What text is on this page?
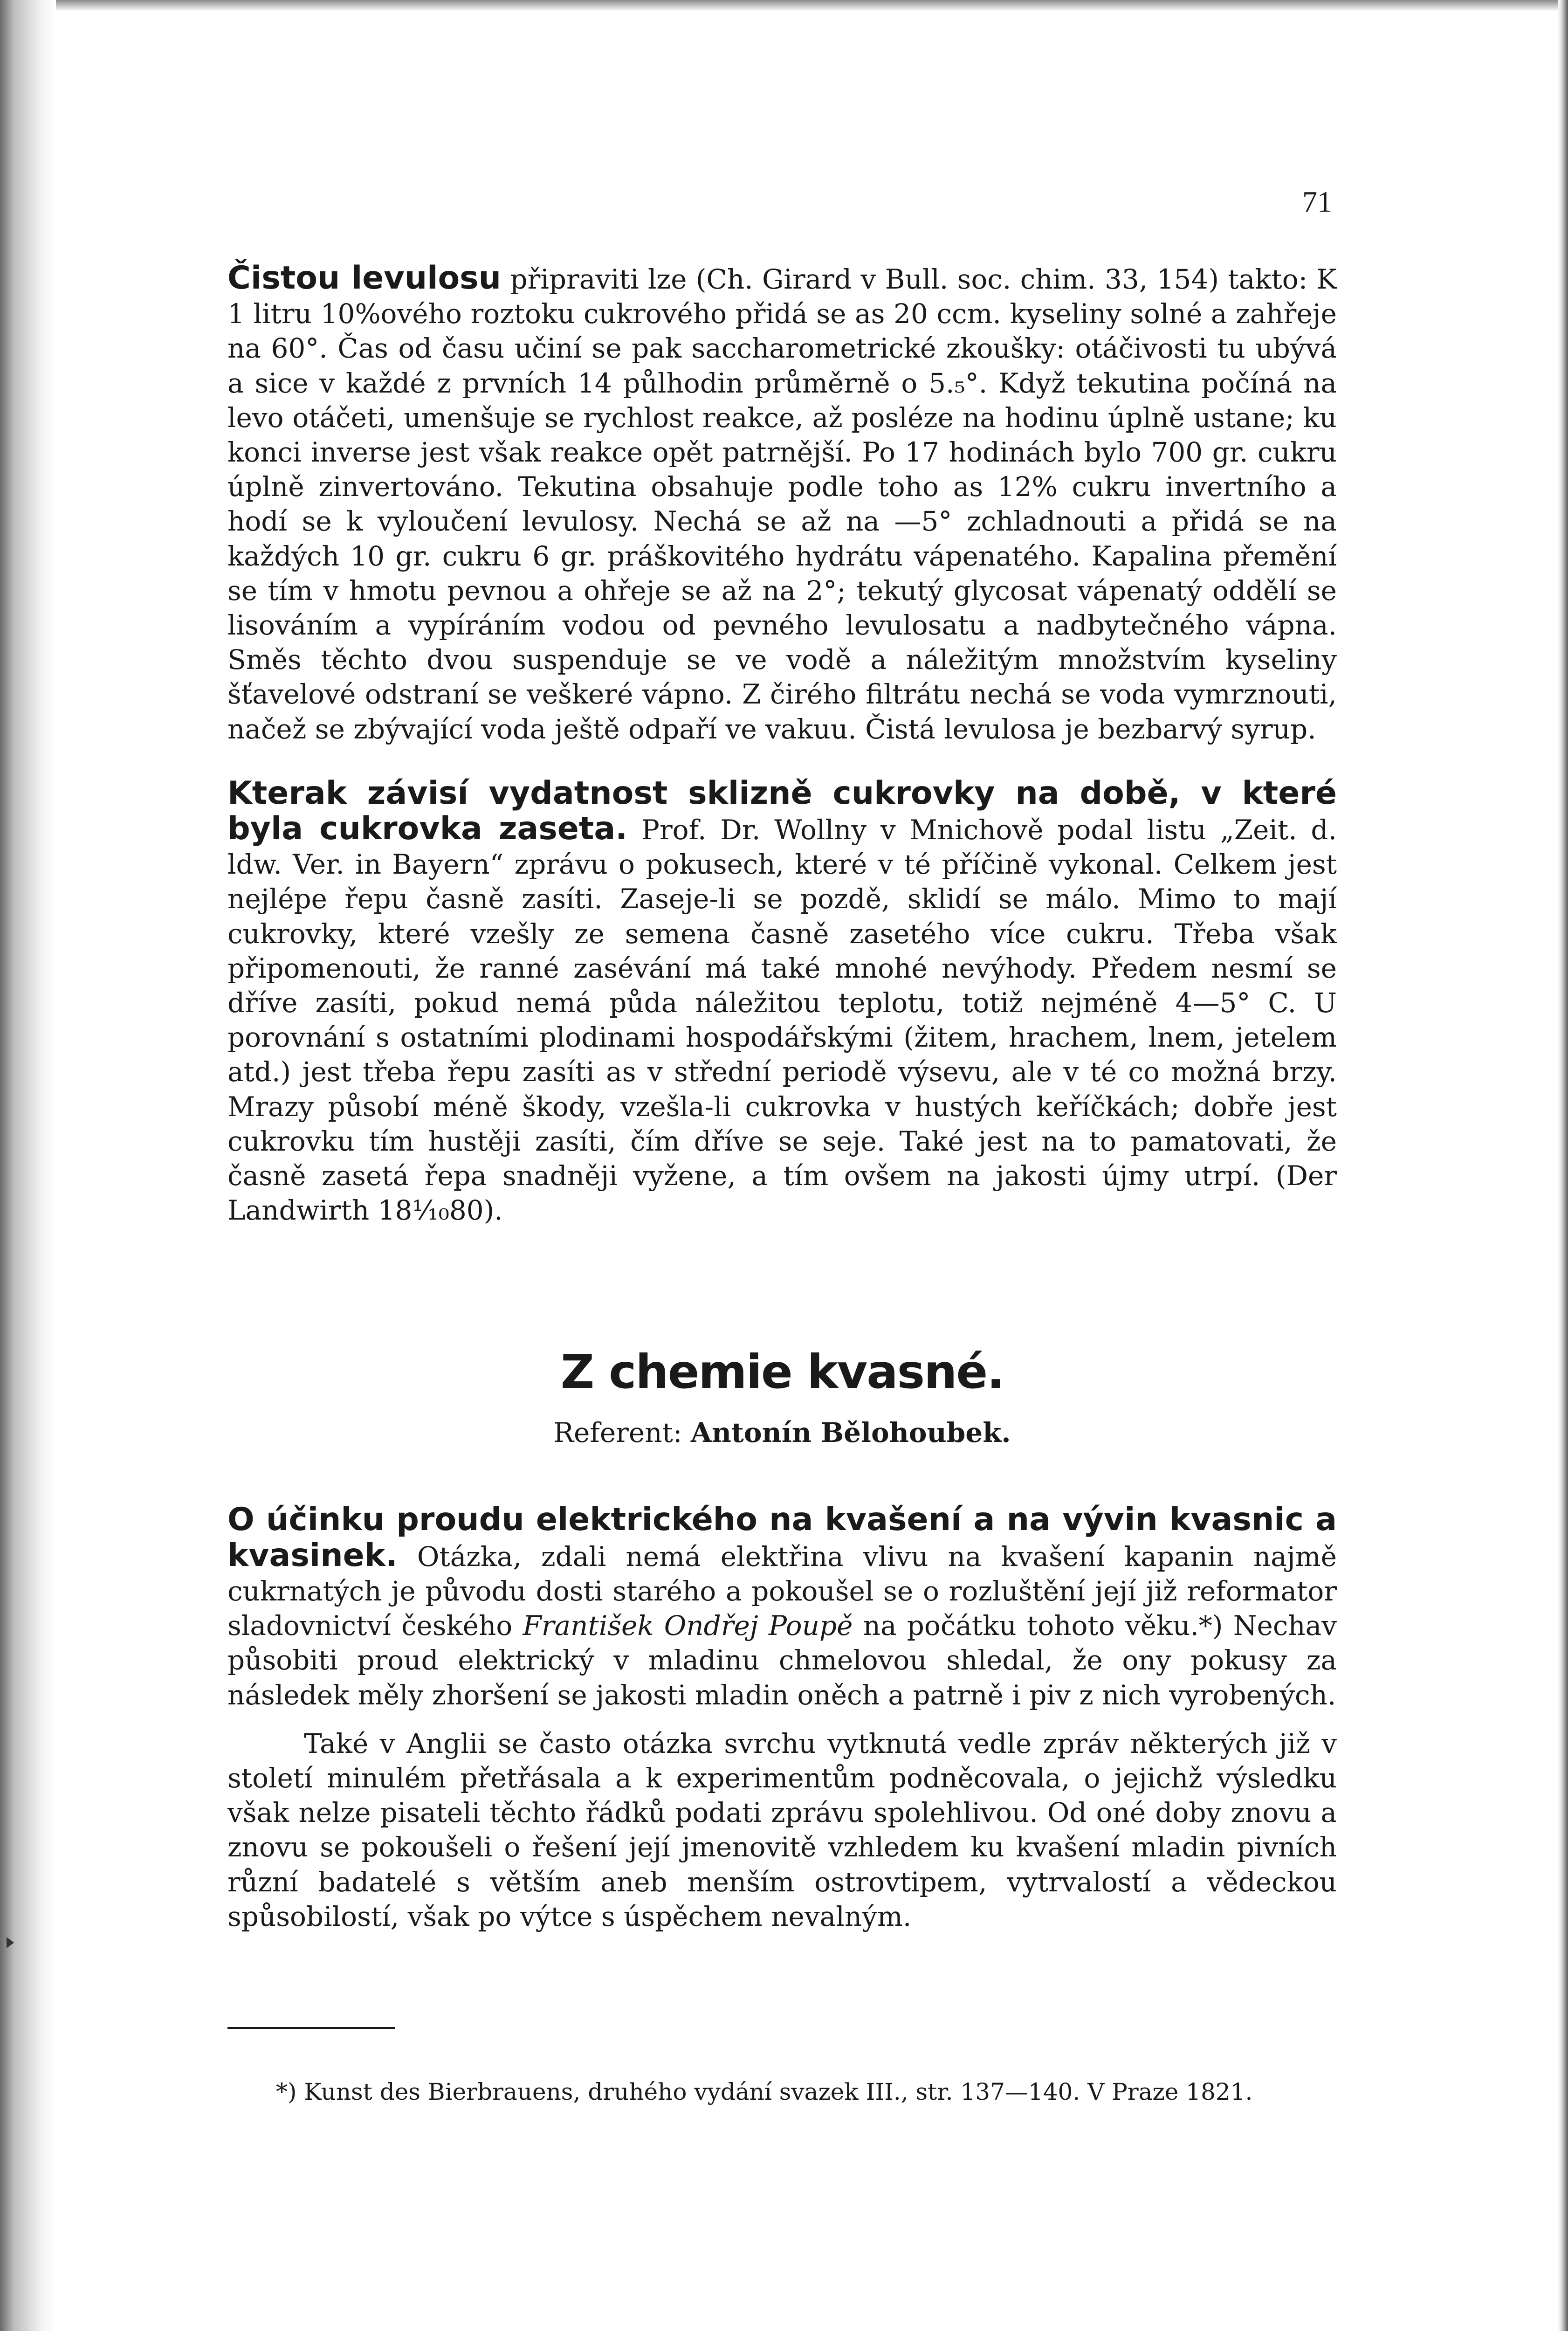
71

Čistou levulosu připraviti lze (Ch. Girard v Bull. soc. chim. 33, 154) takto: K 1 litru 10%ového roztoku cukrového přidá se as 20 ccm. kyseliny solné a zahřeje na 60°. Čas od času učiní se pak saccharometrické zkoušky: otáčivosti tu ubývá a sice v každé z prvních 14 půlhodin průměrně o 5.₅°. Když tekutina počíná na levo otáčeti, umenšuje se rychlost reakce, až posléze na hodinu úplně ustane; ku konci inverse jest však reakce opět patrnější. Po 17 hodinách bylo 700 gr. cukru úplně zinvertováno. Tekutina obsahuje podle toho as 12% cukru invertního a hodí se k vyloučení levulosy. Nechá se až na —5° zchladnouti a přidá se na každých 10 gr. cukru 6 gr. práškovitého hydrátu vápenatého. Kapalina přemění se tím v hmotu pevnou a ohřeje se až na 2°; tekutý glycosat vápenatý oddělí se lisováním a vypíráním vodou od pevného levulosatu a nadbytečného vápna. Směs těchto dvou suspenduje se ve vodě a náležitým množstvím kyseliny šťavelové odstraní se veškeré vápno. Z čirého filtrátu nechá se voda vymrznouti, načež se zbývající voda ještě odpaří ve vakuu. Čistá levulosa je bezbarvý syrup.

Kterak závisí vydatnost sklizně cukrovky na době, v které byla cukrovka zaseta. Prof. Dr. Wollny v Mnichově podal listu „Zeit. d. ldw. Ver. in Bayern“ zprávu o pokusech, které v té příčině vykonal. Celkem jest nejlépe řepu časně zasíti. Zaseje-li se pozdě, sklidí se málo. Mimo to mají cukrovky, které vzešly ze semena časně zasetého více cukru. Třeba však připomenouti, že ranné zasévání má také mnohé nevýhody. Předem nesmí se dříve zasíti, pokud nemá půda náležitou teplotu, totiž nejméně 4—5° C. U porovnání s ostatními plodinami hospodářskými (žitem, hrachem, lnem, jetelem atd.) jest třeba řepu zasíti as v střední periodě výsevu, ale v té co možná brzy. Mrazy působí méně škody, vzešla-li cukrovka v hustých keříčkách; dobře jest cukrovku tím hustěji zasíti, čím dříve se seje. Také jest na to pamatovati, že časně zasetá řepa snadněji vyžene, a tím ovšem na jakosti újmy utrpí. (Der Landwirth 18¹⁄₁₀80).

Z chemie kvasné.
Referent: Antonín Bělohoubek.

O účinku proudu elektrického na kvašení a na vývin kvasnic a kvasinek. Otázka, zdali nemá elektřina vlivu na kvašení kapanin najmě cukrnatých je původu dosti starého a pokoušel se o rozluštění její již reformator sladovnictví českého František Ondřej Poupě na počátku tohoto věku.*) Nechav působiti proud elektrický v mladinu chmelovou shledal, že ony pokusy za následek měly zhoršení se jakosti mladin oněch a patrně i piv z nich vyrobených.

Také v Anglii se často otázka svrchu vytknutá vedle zpráv některých již v století minulém přetřásala a k experimentům podněcovala, o jejichž výsledku však nelze pisateli těchto řádků podati zprávu spolehlivou. Od oné doby znovu a znovu se pokoušeli o řešení její jmenovitě vzhledem ku kvašení mladin pivních různí badatelé s větším aneb menším ostrovtipem, vytrvalostí a vědeckou spůsobilostí, však po výtce s úspěchem nevalným.

*) Kunst des Bierbrauens, druhého vydání svazek III., str. 137—140. V Praze 1821.
